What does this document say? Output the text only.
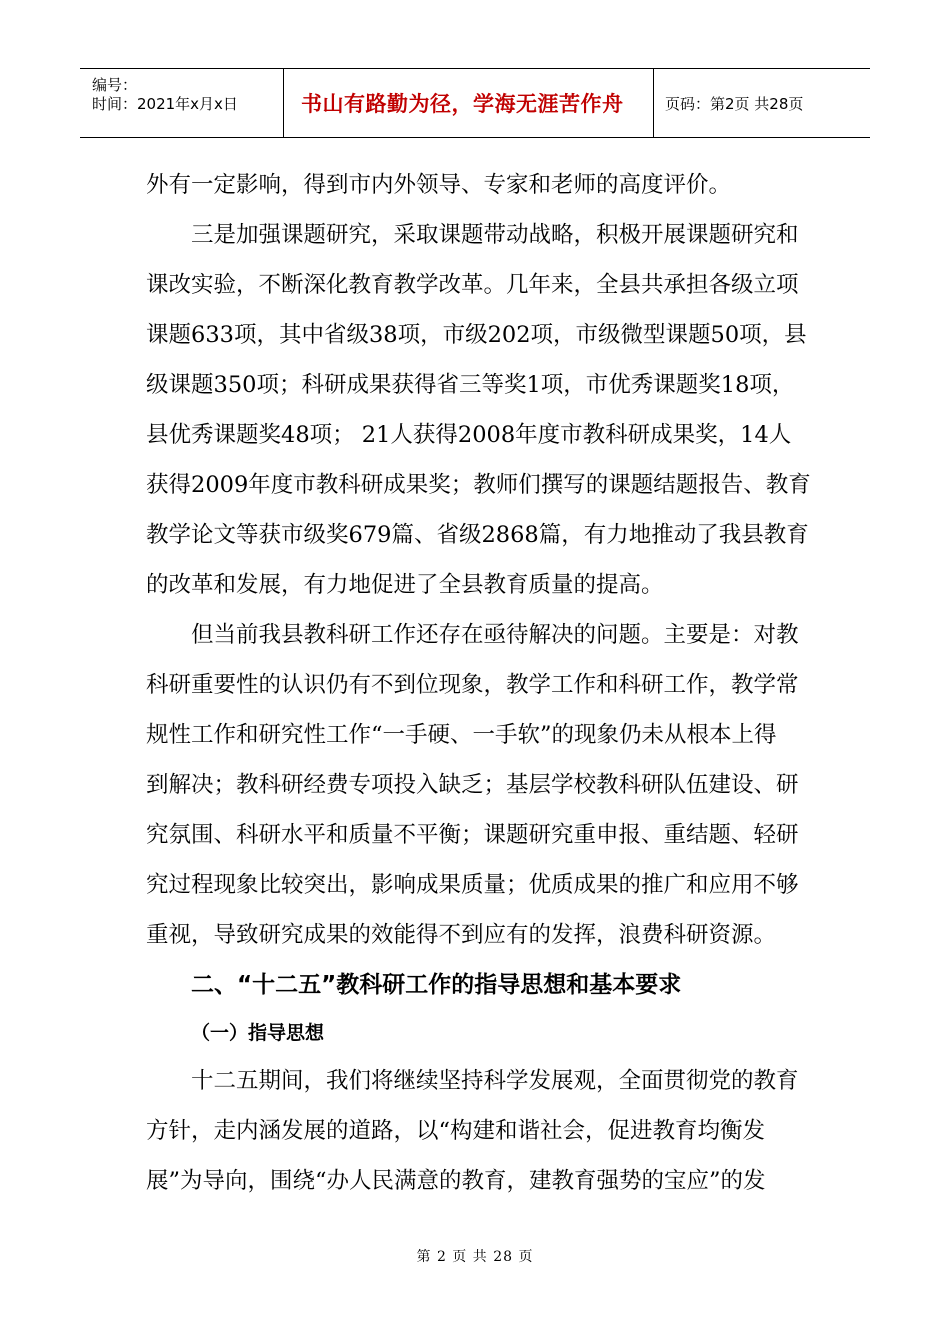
编号：
时间：2021年x月x日	书山有路勤为径，学海无涯苦作舟	页码：第2页 共28页
外有一定影响，得到市内外领导、专家和老师的高度评价。
三是加强课题研究，采取课题带动战略，积极开展课题研究和
课改实验，不断深化教育教学改革。几年来，全县共承担各级立项
课题633项，其中省级38项，市级202项，市级微型课题50项，县
级课题350项；科研成果获得省三等奖1项，市优秀课题奖18项，
县优秀课题奖48项； 21人获得2008年度市教科研成果奖，14人
获得2009年度市教科研成果奖；教师们撰写的课题结题报告、教育
教学论文等获市级奖679篇、省级2868篇，有力地推动了我县教育
的改革和发展，有力地促进了全县教育质量的提高。
但当前我县教科研工作还存在亟待解决的问题。主要是：对教
科研重要性的认识仍有不到位现象，教学工作和科研工作，教学常
规性工作和研究性工作“一手硬、一手软”的现象仍未从根本上得
到解决；教科研经费专项投入缺乏；基层学校教科研队伍建设、研
究氛围、科研水平和质量不平衡；课题研究重申报、重结题、轻研
究过程现象比较突出，影响成果质量；优质成果的推广和应用不够
重视，导致研究成果的效能得不到应有的发挥，浪费科研资源。
二、“十二五”教科研工作的指导思想和基本要求
（一）指导思想
十二五期间，我们将继续坚持科学发展观，全面贯彻党的教育
方针，走内涵发展的道路，以“构建和谐社会，促进教育均衡发
展”为导向，围绕“办人民满意的教育，建教育强势的宝应”的发
第 2 页 共 28 页
